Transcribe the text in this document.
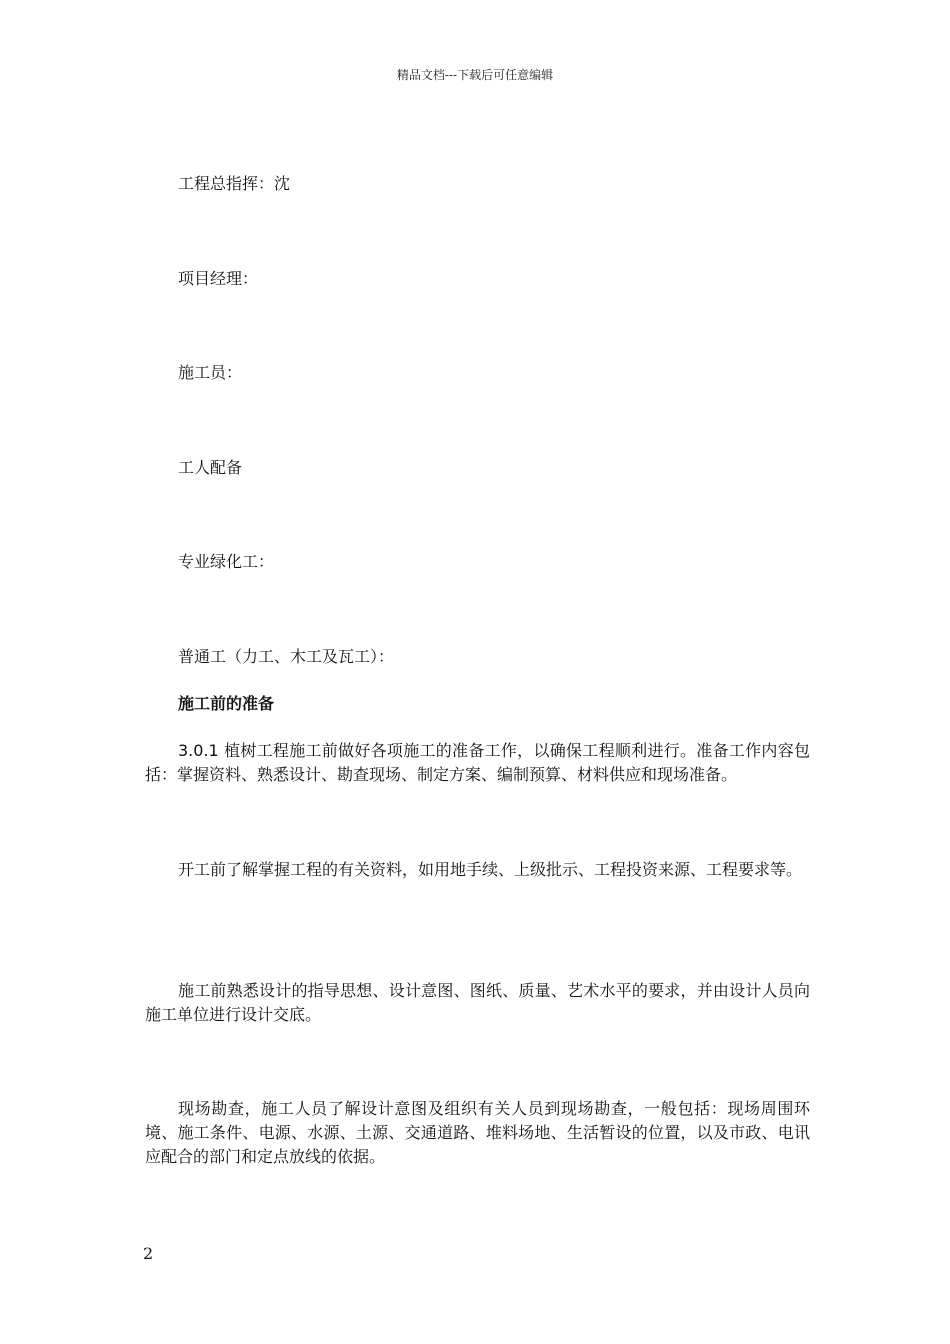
精品文档---下载后可任意编辑
工程总指挥：沈
项目经理：
施工员：
工人配备
专业绿化工：
普通工（力工、木工及瓦工）：
施工前的准备
3.0.1 植树工程施工前做好各项施工的准备工作，以确保工程顺利进行。准备工作内容包括：掌握资料、熟悉设计、勘查现场、制定方案、编制预算、材料供应和现场准备。
开工前了解掌握工程的有关资料，如用地手续、上级批示、工程投资来源、工程要求等。
施工前熟悉设计的指导思想、设计意图、图纸、质量、艺术水平的要求，并由设计人员向施工单位进行设计交底。
现场勘查，施工人员了解设计意图及组织有关人员到现场勘查，一般包括：现场周围环境、施工条件、电源、水源、土源、交通道路、堆料场地、生活暂设的位置，以及市政、电讯应配合的部门和定点放线的依据。
2
